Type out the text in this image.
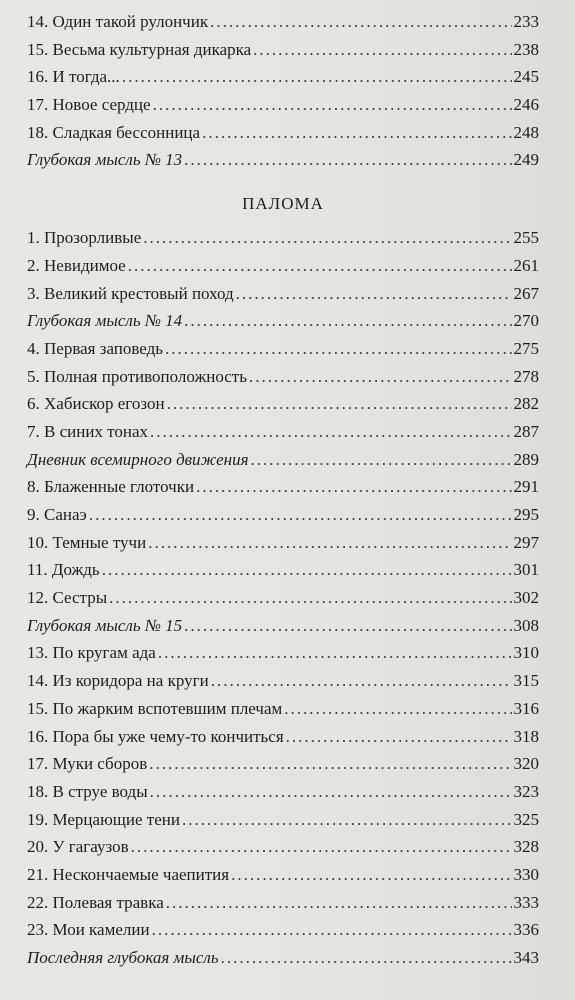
14. Один такой рулончик .....	233
15. Весьма культурная дикарка .....	238
16. И тогда... .....	245
17. Новое сердце .....	246
18. Сладкая бессонница .....	248
Глубокая мысль № 13 .....	249
ПАЛОМА
1. Прозорливые .....	255
2. Невидимое .....	261
3. Великий крестовый поход .....	267
Глубокая мысль № 14 .....	270
4. Первая заповедь .....	275
5. Полная противоположность .....	278
6. Хабискор егозон .....	282
7. В синих тонах .....	287
Дневник всемирного движения .....	289
8. Блаженные глоточки .....	291
9. Санаэ .....	295
10. Темные тучи .....	297
11. Дождь .....	301
12. Сестры .....	302
Глубокая мысль № 15 .....	308
13. По кругам ада .....	310
14. Из коридора на круги .....	315
15. По жарким вспотевшим плечам .....	316
16. Пора бы уже чему-то кончиться .....	318
17. Муки сборов .....	320
18. В струе воды .....	323
19. Мерцающие тени .....	325
20. У гагаузов .....	328
21. Нескончаемые чаепития .....	330
22. Полевая травка .....	333
23. Мои камелии .....	336
Последняя глубокая мысль .....	343
